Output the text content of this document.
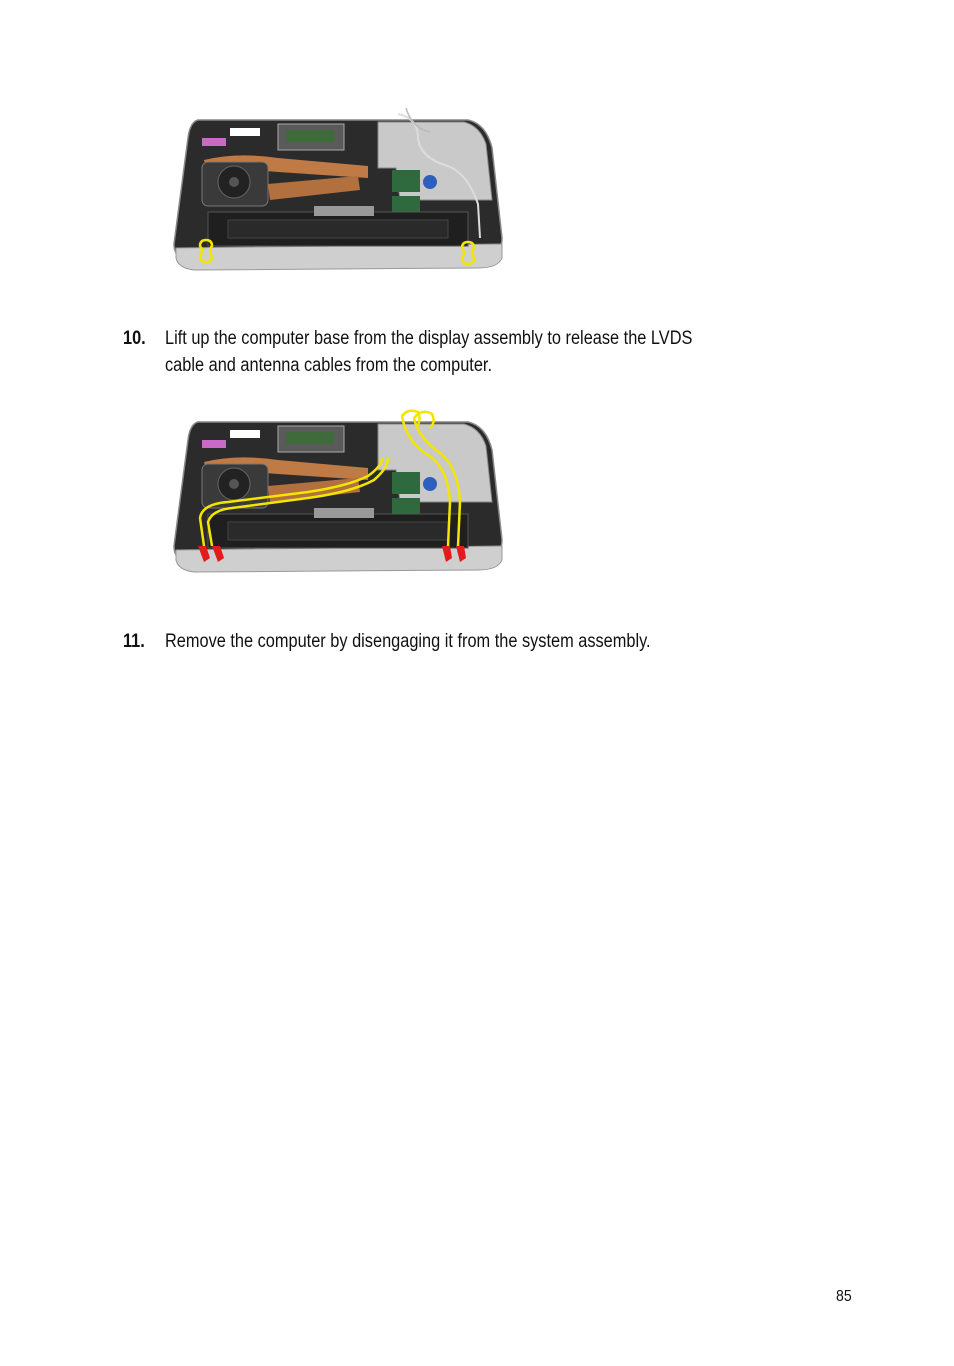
10. Lift up the computer base from the display assembly to release the LVDS
cable and antenna cables from the computer.
11. Remove the computer by disengaging it from the system assembly.
85
